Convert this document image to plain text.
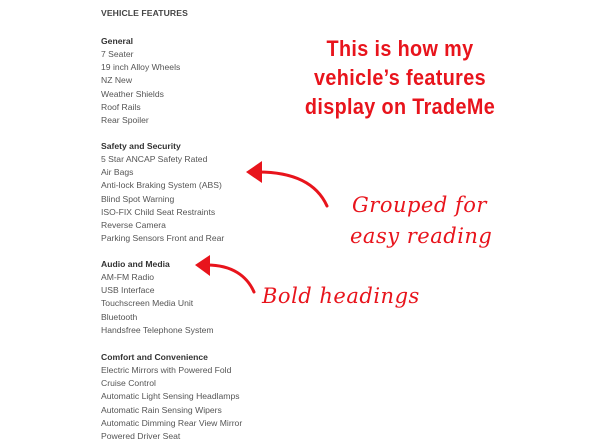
VEHICLE FEATURES
General
7 Seater
19 inch Alloy Wheels
NZ New
Weather Shields
Roof Rails
Rear Spoiler
Safety and Security
5 Star ANCAP Safety Rated
Air Bags
Anti-lock Braking System (ABS)
Blind Spot Warning
ISO-FIX Child Seat Restraints
Reverse Camera
Parking Sensors Front and Rear
Audio and Media
AM-FM Radio
USB Interface
Touchscreen Media Unit
Bluetooth
Handsfree Telephone System
Comfort and Convenience
Electric Mirrors with Powered Fold
Cruise Control
Automatic Light Sensing Headlamps
Automatic Rain Sensing Wipers
Automatic Dimming Rear View Mirror
Powered Driver Seat
This is how my
vehicle’s features
display on TradeMe
Grouped for
easy reading
Bold headings
